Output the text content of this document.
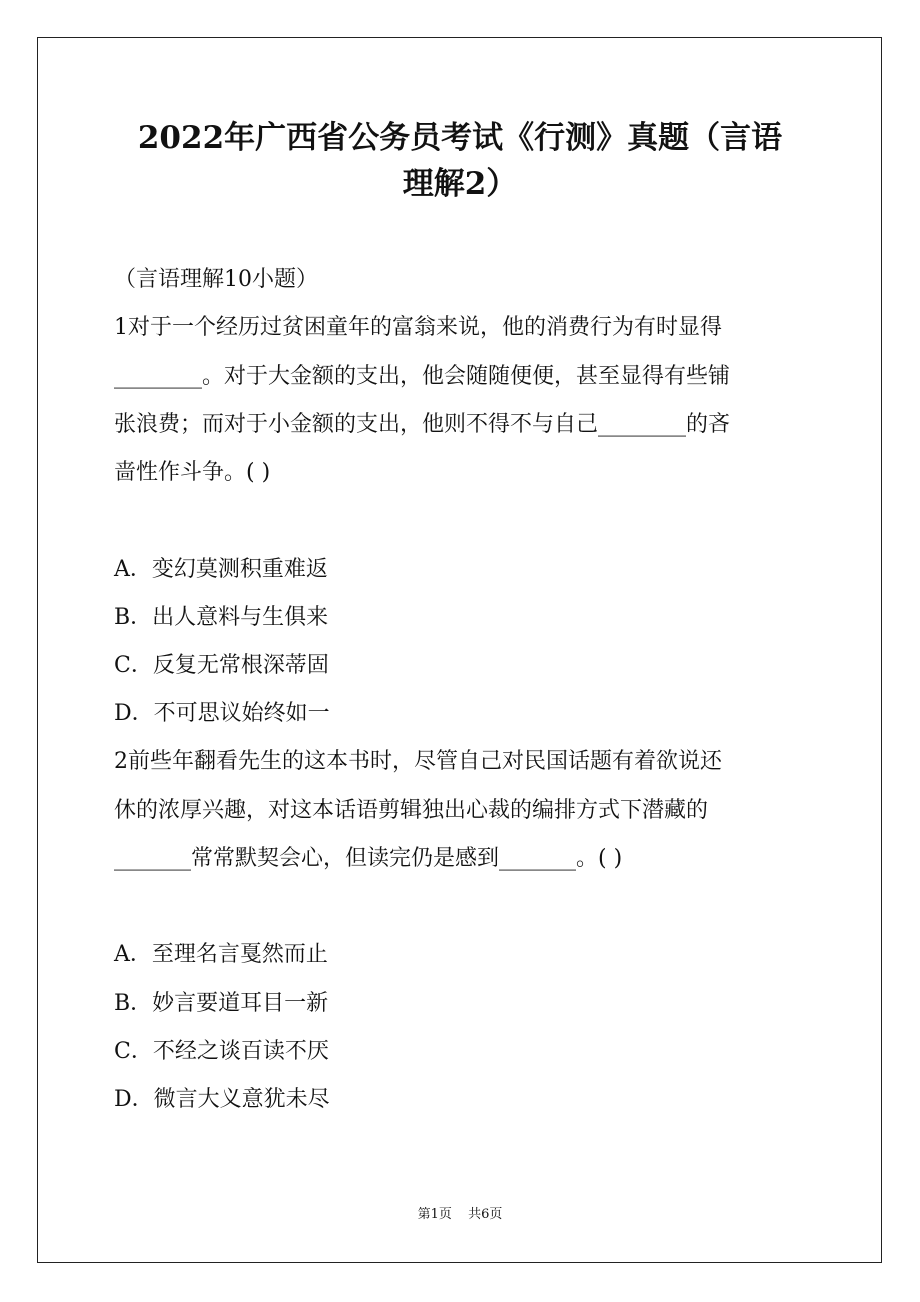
2022年广西省公务员考试《行测》真题（言语
理解2）
（言语理解10小题）
1对于一个经历过贫困童年的富翁来说，他的消费行为有时显得
________。对于大金额的支出，他会随随便便，甚至显得有些铺
张浪费；而对于小金额的支出，他则不得不与自己________的吝
啬性作斗争。( )
A．变幻莫测积重难返
B．出人意料与生俱来
C．反复无常根深蒂固
D．不可思议始终如一
2前些年翻看先生的这本书时，尽管自己对民国话题有着欲说还
休的浓厚兴趣，对这本话语剪辑独出心裁的编排方式下潜藏的
_______常常默契会心，但读完仍是感到_______。( )
A．至理名言戛然而止
B．妙言要道耳目一新
C．不经之谈百读不厌
D．微言大义意犹未尽
第1页 共6页
